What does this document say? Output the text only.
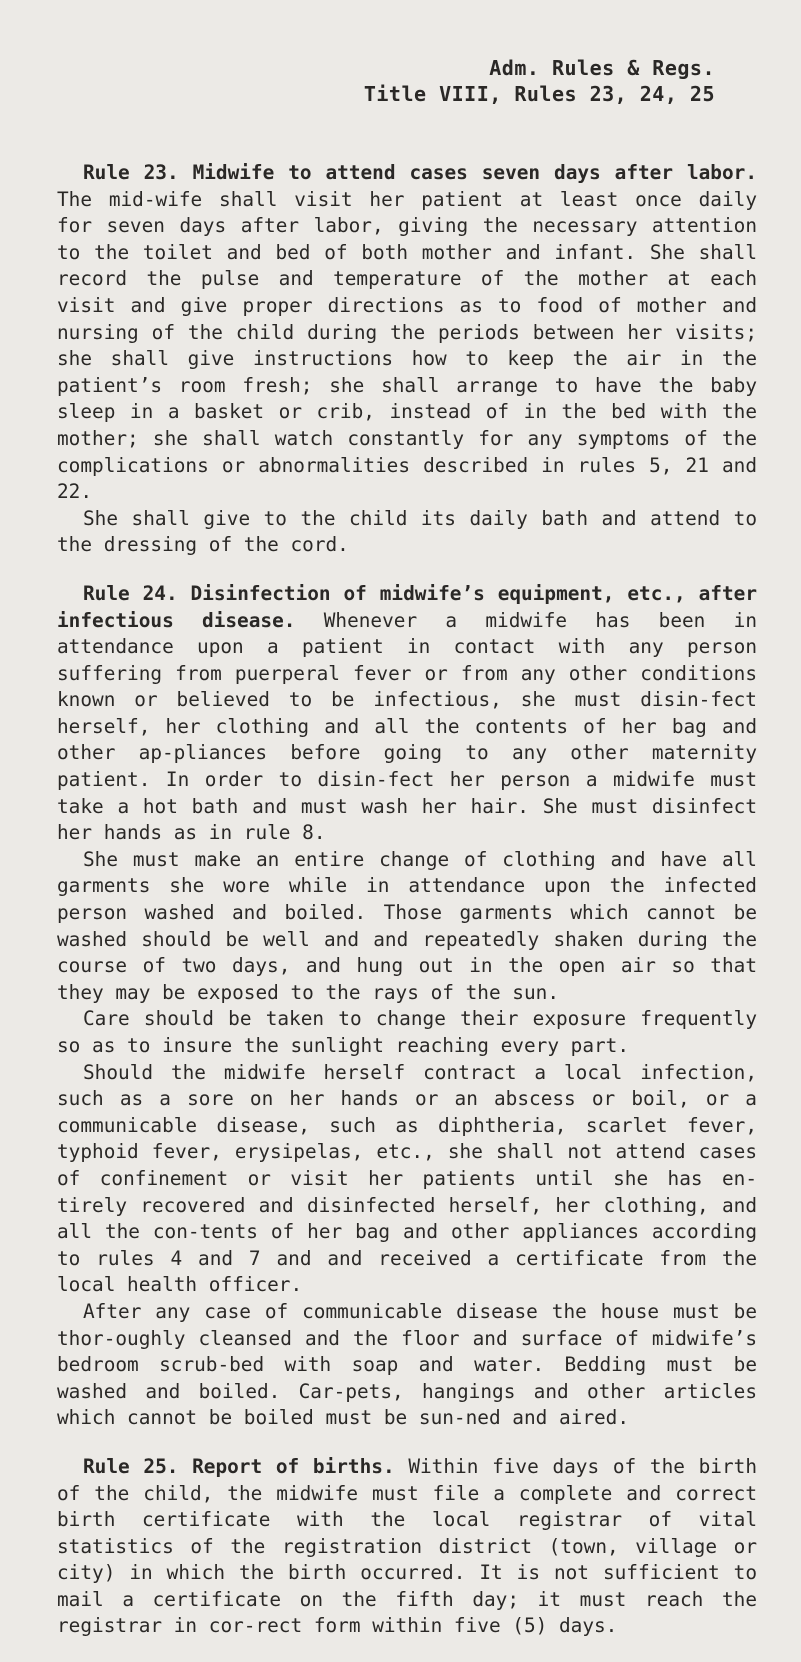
Adm. Rules & Regs.
Title VIII, Rules 23, 24, 25

Rule 23. Midwife to attend cases seven days after labor. The mid-wife shall visit her patient at least once daily for seven days after labor, giving the necessary attention to the toilet and bed of both mother and infant. She shall record the pulse and temperature of the mother at each visit and give proper directions as to food of mother and nursing of the child during the periods between her visits; she shall give instructions how to keep the air in the patient’s room fresh; she shall arrange to have the baby sleep in a basket or crib, instead of in the bed with the mother; she shall watch constantly for any symptoms of the complications or abnormalities described in rules 5, 21 and 22.

She shall give to the child its daily bath and attend to the dressing of the cord.

Rule 24. Disinfection of midwife’s equipment, etc., after infectious disease. Whenever a midwife has been in attendance upon a patient in contact with any person suffering from puerperal fever or from any other conditions known or believed to be infectious, she must disin-fect herself, her clothing and all the contents of her bag and other ap-pliances before going to any other maternity patient. In order to disin-fect her person a midwife must take a hot bath and must wash her hair. She must disinfect her hands as in rule 8.

She must make an entire change of clothing and have all garments she wore while in attendance upon the infected person washed and boiled. Those garments which cannot be washed should be well and and repeatedly shaken during the course of two days, and hung out in the open air so that they may be exposed to the rays of the sun.

Care should be taken to change their exposure frequently so as to insure the sunlight reaching every part.

Should the midwife herself contract a local infection, such as a sore on her hands or an abscess or boil, or a communicable disease, such as diphtheria, scarlet fever, typhoid fever, erysipelas, etc., she shall not attend cases of confinement or visit her patients until she has en-tirely recovered and disinfected herself, her clothing, and all the con-tents of her bag and other appliances according to rules 4 and 7 and and received a certificate from the local health officer.

After any case of communicable disease the house must be thor-oughly cleansed and the floor and surface of midwife’s bedroom scrub-bed with soap and water. Bedding must be washed and boiled. Car-pets, hangings and other articles which cannot be boiled must be sun-ned and aired.

Rule 25. Report of births. Within five days of the birth of the child, the midwife must file a complete and correct birth certificate with the local registrar of vital statistics of the registration district (town, village or city) in which the birth occurred. It is not sufficient to mail a certificate on the fifth day; it must reach the registrar in cor-rect form within five (5) days.
